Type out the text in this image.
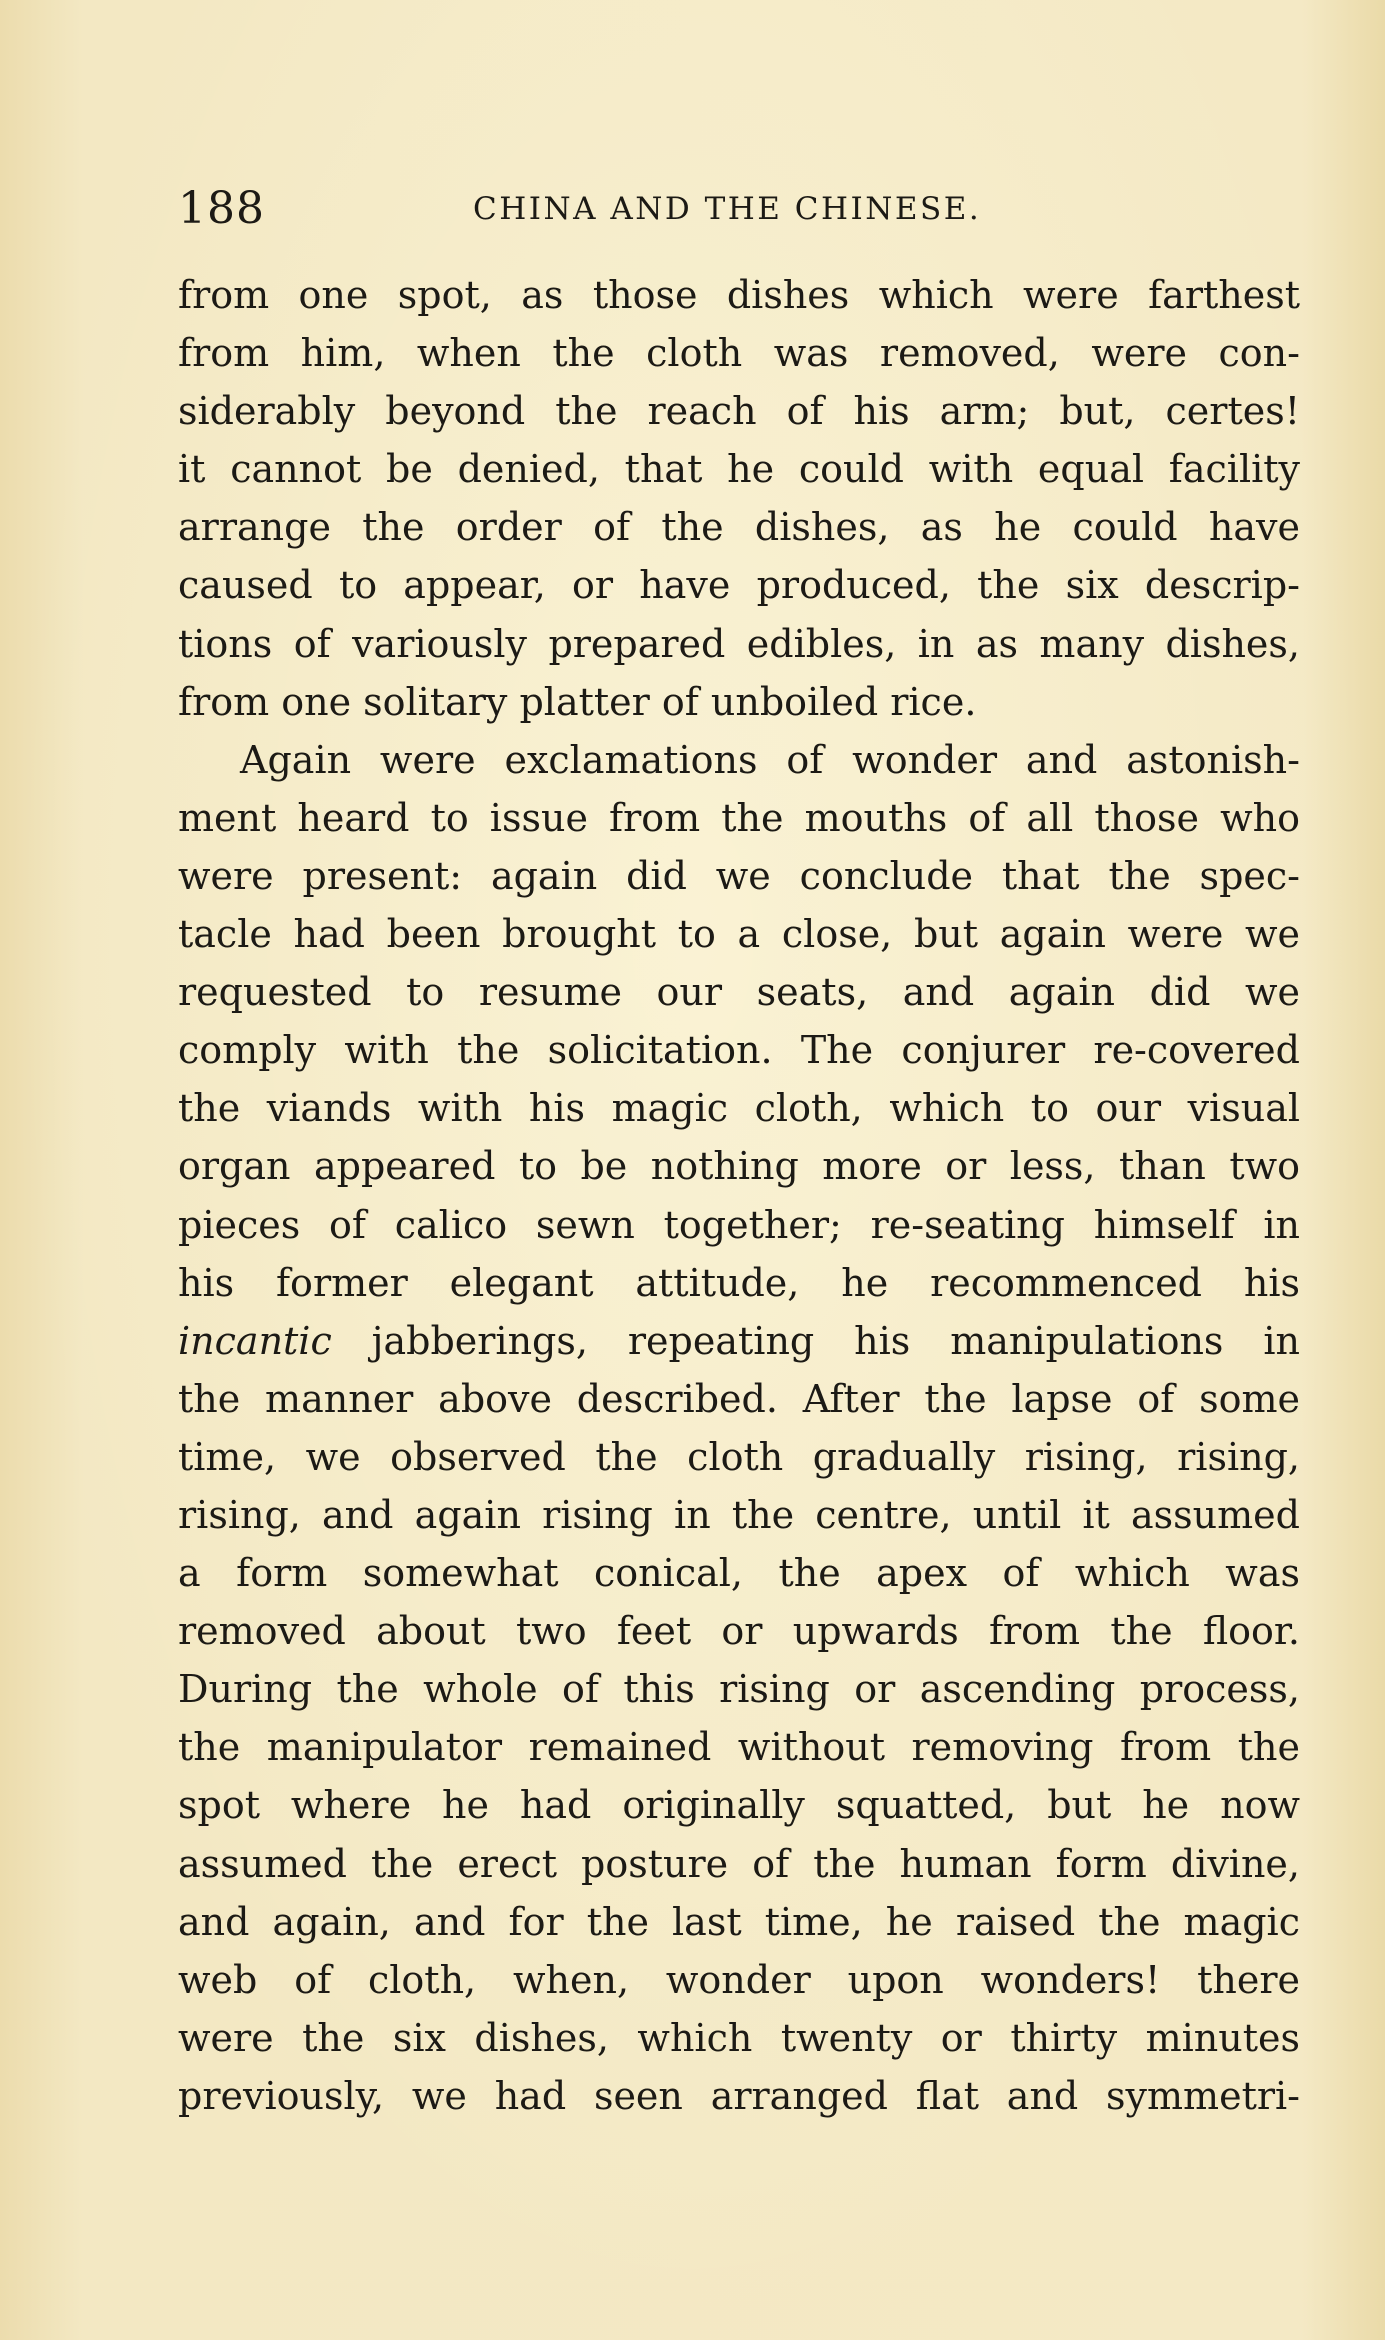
188	CHINA AND THE CHINESE.
from one spot, as those dishes which were farthest
from him, when the cloth was removed, were con-
siderably beyond the reach of his arm; but, certes!
it cannot be denied, that he could with equal facility
arrange the order of the dishes, as he could have
caused to appear, or have produced, the six descrip-
tions of variously prepared edibles, in as many dishes,
from one solitary platter of unboiled rice.
Again were exclamations of wonder and astonish-
ment heard to issue from the mouths of all those who
were present: again did we conclude that the spec-
tacle had been brought to a close, but again were we
requested to resume our seats, and again did we
comply with the solicitation. The conjurer re-covered
the viands with his magic cloth, which to our visual
organ appeared to be nothing more or less, than two
pieces of calico sewn together; re-seating himself in
his former elegant attitude, he recommenced his
incantic jabberings, repeating his manipulations in
the manner above described. After the lapse of some
time, we observed the cloth gradually rising, rising,
rising, and again rising in the centre, until it assumed
a form somewhat conical, the apex of which was
removed about two feet or upwards from the floor.
During the whole of this rising or ascending process,
the manipulator remained without removing from the
spot where he had originally squatted, but he now
assumed the erect posture of the human form divine,
and again, and for the last time, he raised the magic
web of cloth, when, wonder upon wonders! there
were the six dishes, which twenty or thirty minutes
previously, we had seen arranged flat and symmetri-
